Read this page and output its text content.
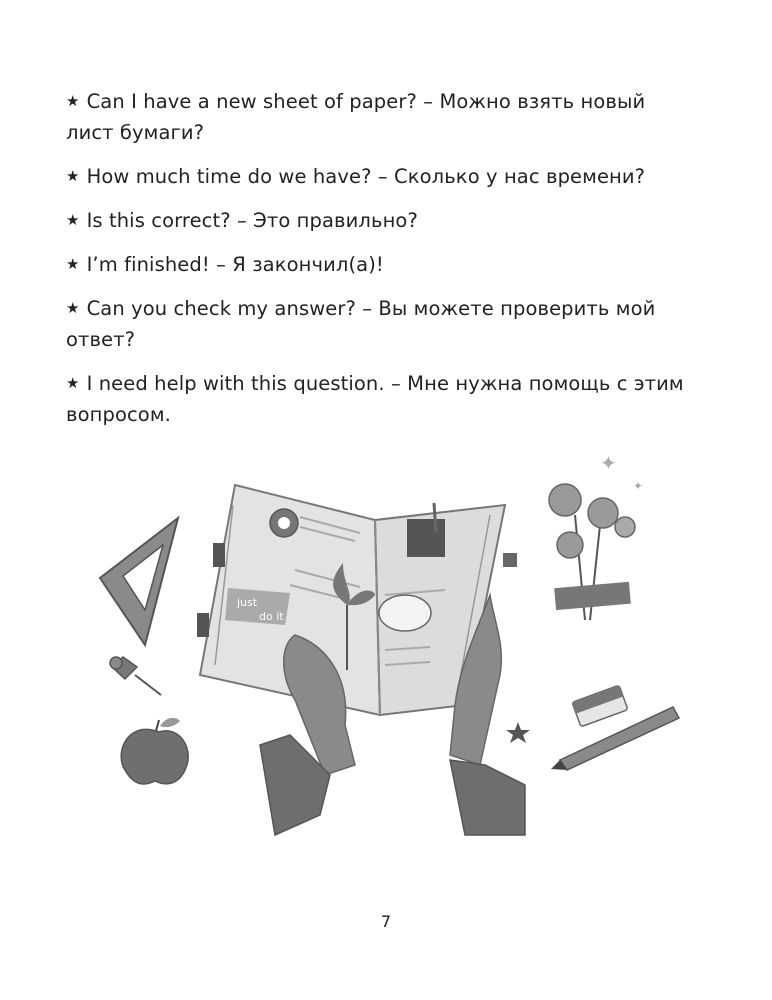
★ Can I have a new sheet of paper? – Можно взять новый
лист бумаги?
★ How much time do we have? – Сколько у нас времени?
★ Is this correct? – Это правильно?
★ I’m finished! – Я закончил(а)!
★ Can you check my answer? – Вы можете проверить мой
ответ?
★ I need help with this question. – Мне нужна помощь с этим
вопросом.
just
do it
✦
✦
7
